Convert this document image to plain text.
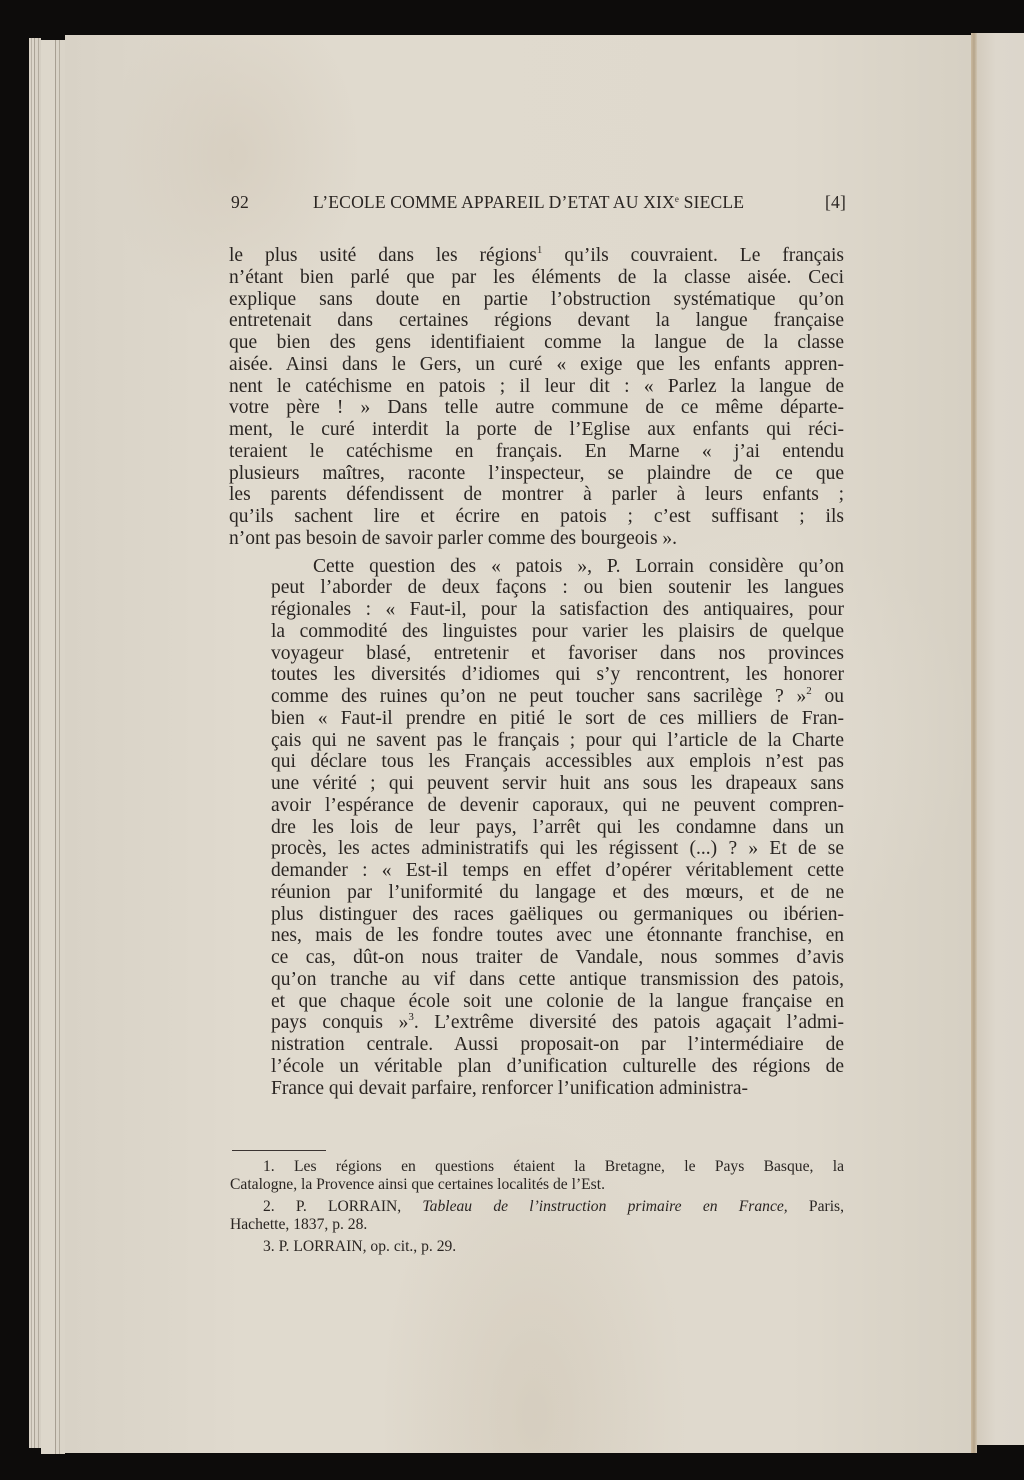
92	L’ECOLE COMME APPAREIL D’ETAT AU XIXe SIECLE	[4]

le plus usité dans les régions$^1$ qu’ils couvraient. Le français
n’étant bien parlé que par les éléments de la classe aisée. Ceci
explique sans doute en partie l’obstruction systématique qu’on
entretenait dans certaines régions devant la langue française
que bien des gens identifiaient comme la langue de la classe
aisée. Ainsi dans le Gers, un curé « exige que les enfants appren-
nent le catéchisme en patois ; il leur dit : « Parlez la langue de
votre père ! » Dans telle autre commune de ce même départe-
ment, le curé interdit la porte de l’Eglise aux enfants qui réci-
teraient le catéchisme en français. En Marne « j’ai entendu
plusieurs maîtres, raconte l’inspecteur, se plaindre de ce que
les parents défendissent de montrer à parler à leurs enfants ;
qu’ils sachent lire et écrire en patois ; c’est suffisant ; ils
n’ont pas besoin de savoir parler comme des bourgeois ».

Cette question des « patois », P. Lorrain considère qu’on
peut l’aborder de deux façons : ou bien soutenir les langues
régionales : « Faut-il, pour la satisfaction des antiquaires, pour
la commodité des linguistes pour varier les plaisirs de quelque
voyageur blasé, entretenir et favoriser dans nos provinces
toutes les diversités d’idiomes qui s’y rencontrent, les honorer
comme des ruines qu’on ne peut toucher sans sacrilège ? »$^2$ ou
bien « Faut-il prendre en pitié le sort de ces milliers de Fran-
çais qui ne savent pas le français ; pour qui l’article de la Charte
qui déclare tous les Français accessibles aux emplois n’est pas
une vérité ; qui peuvent servir huit ans sous les drapeaux sans
avoir l’espérance de devenir caporaux, qui ne peuvent compren-
dre les lois de leur pays, l’arrêt qui les condamne dans un
procès, les actes administratifs qui les régissent (...) ? » Et de se
demander : « Est-il temps en effet d’opérer véritablement cette
réunion par l’uniformité du langage et des mœurs, et de ne
plus distinguer des races gaëliques ou germaniques ou ibérien-
nes, mais de les fondre toutes avec une étonnante franchise, en
ce cas, dût-on nous traiter de Vandale, nous sommes d’avis
qu’on tranche au vif dans cette antique transmission des patois,
et que chaque école soit une colonie de la langue française en
pays conquis »$^3$. L’extrême diversité des patois agaçait l’admi-
nistration centrale. Aussi proposait-on par l’intermédiaire de
l’école un véritable plan d’unification culturelle des régions de
France qui devait parfaire, renforcer l’unification administra-

1. Les régions en questions étaient la Bretagne, le Pays Basque, la
Catalogne, la Provence ainsi que certaines localités de l’Est.
2. P. LORRAIN, Tableau de l’instruction primaire en France, Paris,
Hachette, 1837, p. 28.
3. P. LORRAIN, op. cit., p. 29.
